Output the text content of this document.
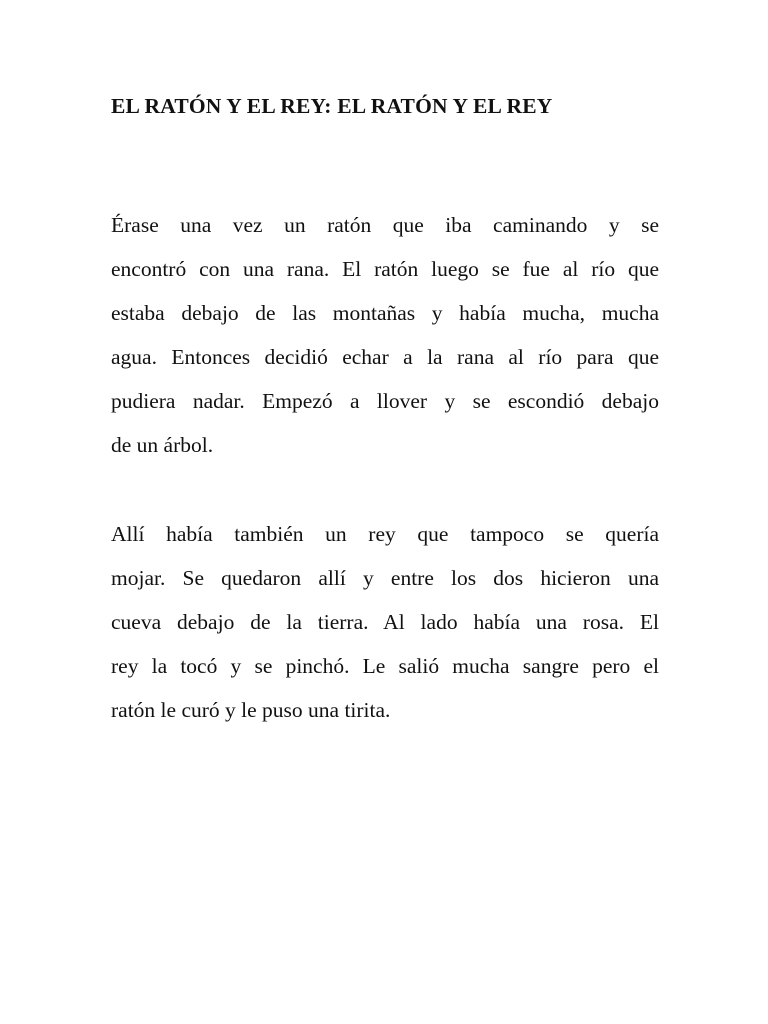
EL RATÓN Y EL REY: EL RATÓN Y EL REY

Érase una vez un ratón que iba caminando y se
encontró con una rana. El ratón luego se fue al río que
estaba debajo de las montañas y había mucha, mucha
agua. Entonces decidió echar a la rana al río para que
pudiera nadar. Empezó a llover y se escondió debajo
de un árbol.

Allí había también un rey que tampoco se quería
mojar. Se quedaron allí y entre los dos hicieron una
cueva debajo de la tierra. Al lado había una rosa. El
rey la tocó y se pinchó. Le salió mucha sangre pero el
ratón le curó y le puso una tirita.
